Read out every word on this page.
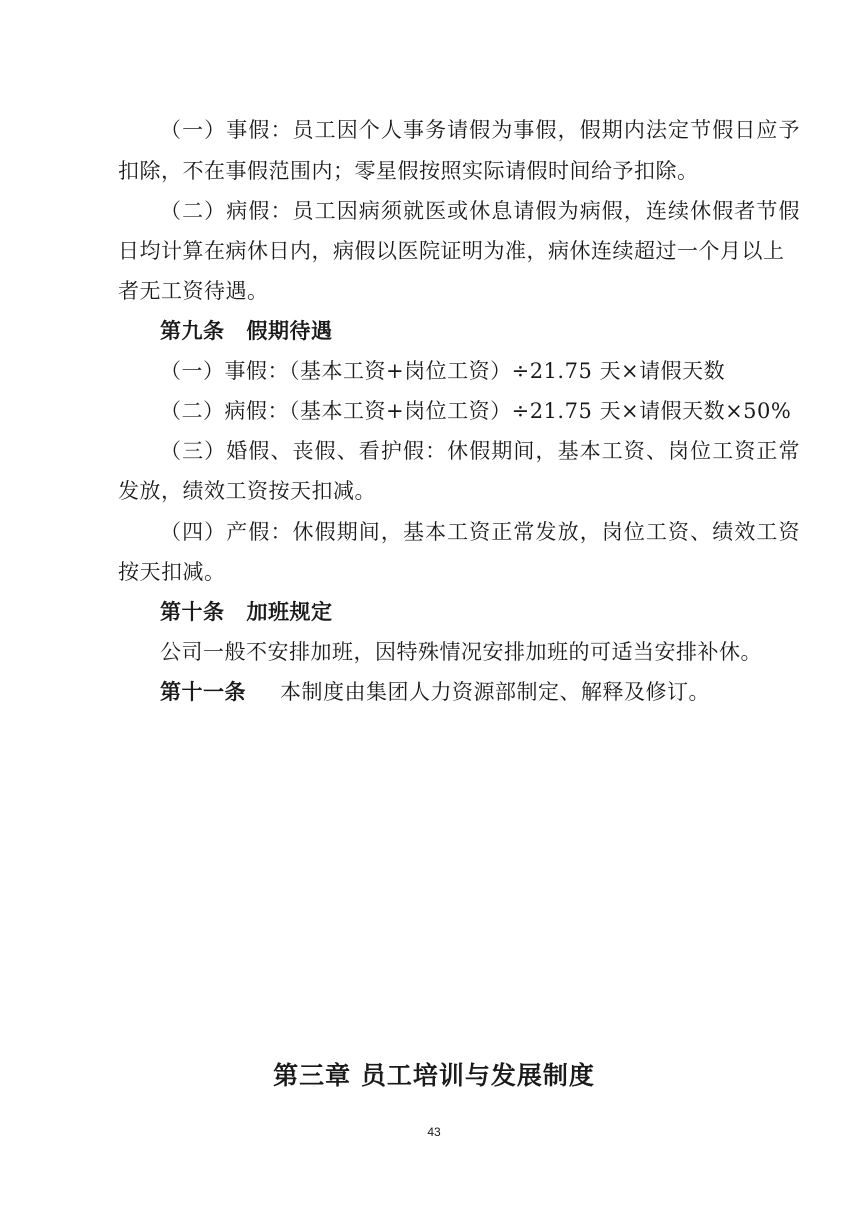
（一）事假：员工因个人事务请假为事假，假期内法定节假日应予
扣除，不在事假范围内；零星假按照实际请假时间给予扣除。
（二）病假：员工因病须就医或休息请假为病假，连续休假者节假
日均计算在病休日内，病假以医院证明为准，病休连续超过一个月以上
者无工资待遇。
第九条 假期待遇
（一）事假：（基本工资+岗位工资）÷21.75 天×请假天数
（二）病假：（基本工资+岗位工资）÷21.75 天×请假天数×50%
（三）婚假、丧假、看护假：休假期间，基本工资、岗位工资正常
发放，绩效工资按天扣减。
（四）产假：休假期间，基本工资正常发放，岗位工资、绩效工资
按天扣减。
第十条 加班规定
公司一般不安排加班，因特殊情况安排加班的可适当安排补休。
第十一条 本制度由集团人力资源部制定、解释及修订。
第三章 员工培训与发展制度
43
